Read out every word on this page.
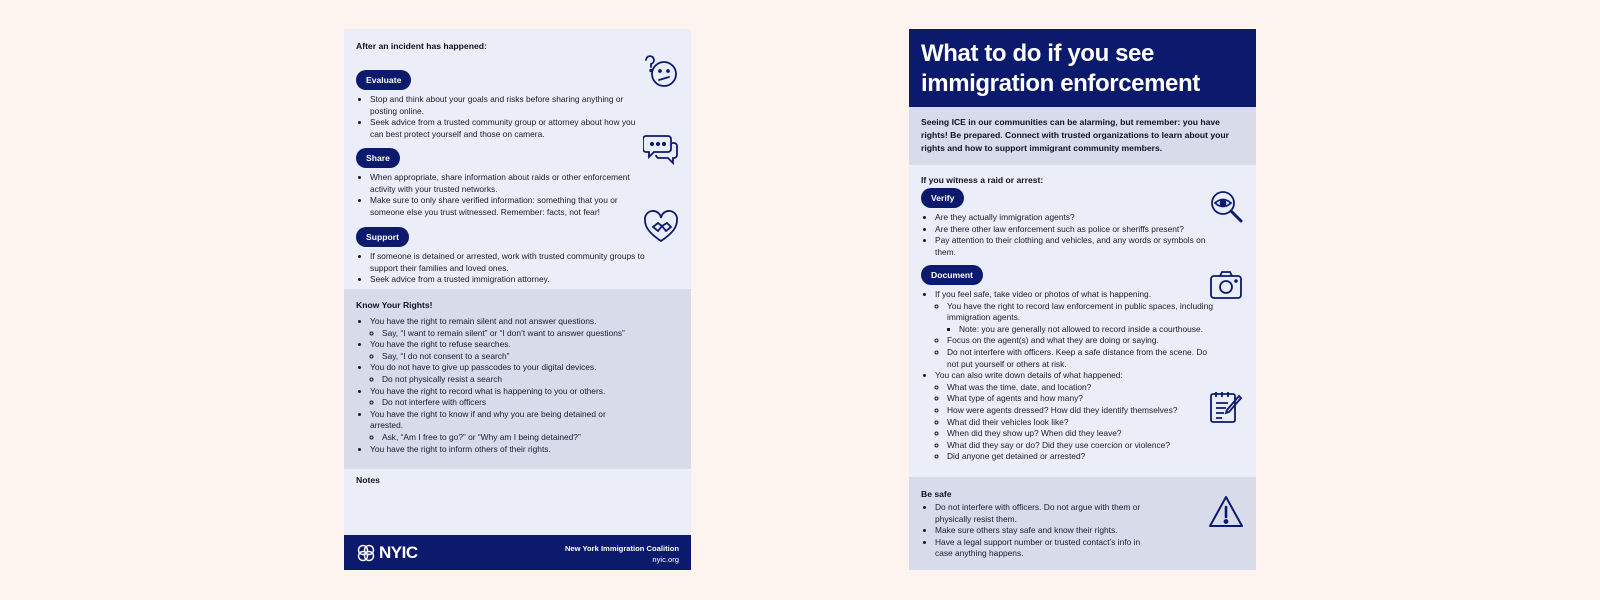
After an incident has happened:
Evaluate
• Stop and think about your goals and risks before sharing anything or posting online.
• Seek advice from a trusted community group or attorney about how you can best protect yourself and those on camera.
Share
• When appropriate, share information about raids or other enforcement activity with your trusted networks.
• Make sure to only share verified information: something that you or someone else you trust witnessed. Remember: facts, not fear!
Support
• If someone is detained or arrested, work with trusted community groups to support their families and loved ones.
• Seek advice from a trusted immigration attorney.
Know Your Rights!
• You have the right to remain silent and not answer questions.
◦ Say, “I want to remain silent” or “I don’t want to answer questions”
• You have the right to refuse searches.
◦ Say, “I do not consent to a search”
• You do not have to give up passcodes to your digital devices.
◦ Do not physically resist a search
• You have the right to record what is happening to you or others.
◦ Do not interfere with officers
• You have the right to know if and why you are being detained or arrested.
◦ Ask, “Am I free to go?” or “Why am I being detained?”
• You have the right to inform others of their rights.
Notes
NYIC	New York Immigration Coalition
nyic.org
What to do if you see
immigration enforcement
Seeing ICE in our communities can be alarming, but remember: you have rights! Be prepared. Connect with trusted organizations to learn about your rights and how to support immigrant community members.
If you witness a raid or arrest:
Verify
• Are they actually immigration agents?
• Are there other law enforcement such as police or sheriffs present?
• Pay attention to their clothing and vehicles, and any words or symbols on them.
Document
• If you feel safe, take video or photos of what is happening.
◦ You have the right to record law enforcement in public spaces, including immigration agents.
▪ Note: you are generally not allowed to record inside a courthouse.
◦ Focus on the agent(s) and what they are doing or saying.
◦ Do not interfere with officers. Keep a safe distance from the scene. Do not put yourself or others at risk.
• You can also write down details of what happened:
◦ What was the time, date, and location?
◦ What type of agents and how many?
◦ How were agents dressed? How did they identify themselves?
◦ What did their vehicles look like?
◦ When did they show up? When did they leave?
◦ What did they say or do? Did they use coercion or violence?
◦ Did anyone get detained or arrested?
Be safe
• Do not interfere with officers. Do not argue with them or physically resist them.
• Make sure others stay safe and know their rights.
• Have a legal support number or trusted contact’s info in case anything happens.
